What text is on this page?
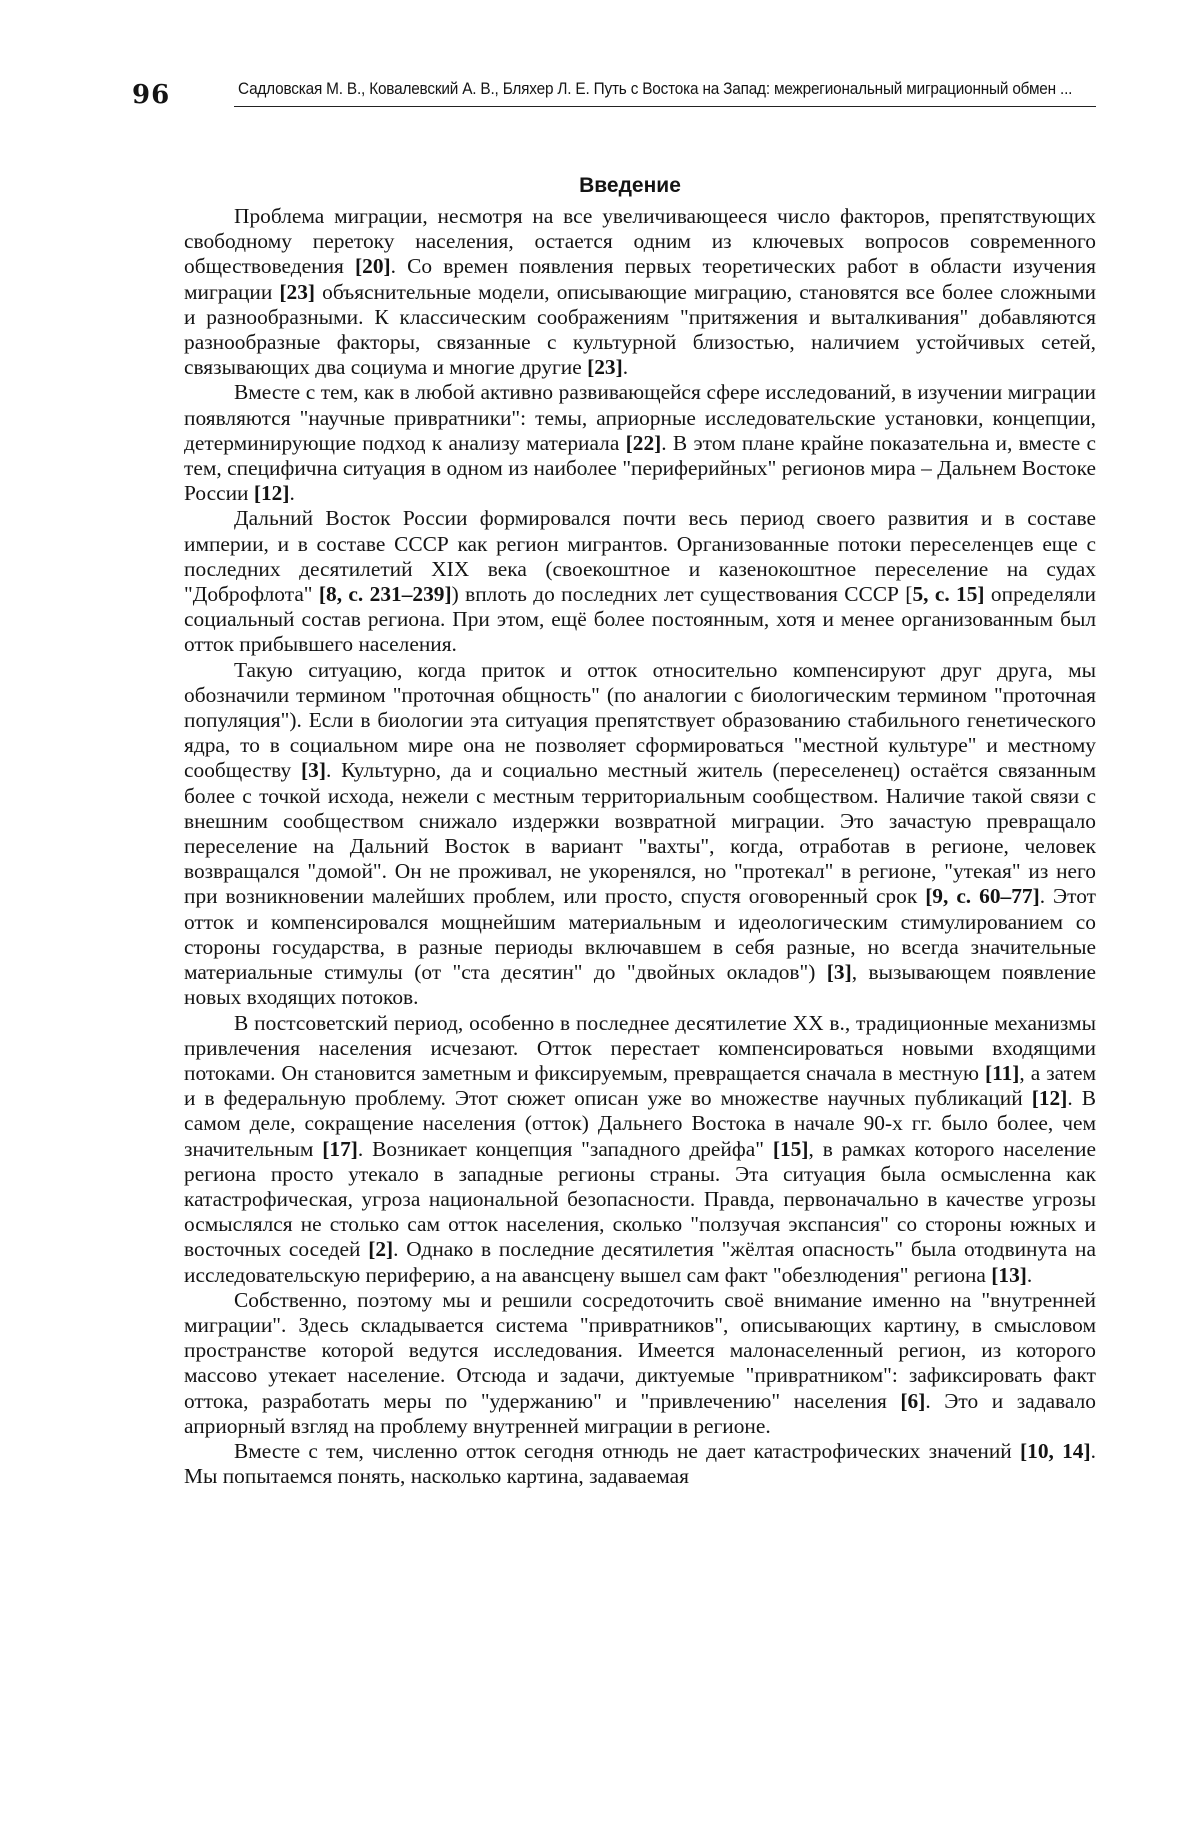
96	Садловская М. В., Ковалевский А. В., Бляхер Л. Е. Путь с Востока на Запад: межрегиональный миграционный обмен ...
Введение

Проблема миграции, несмотря на все увеличивающееся число факторов, препятствующих свободному перетоку населения, остается одним из ключевых вопросов современного обществоведения [20]. Со времен появления первых теоретических работ в области изучения миграции [23] объяснительные модели, описывающие миграцию, становятся все более сложными и разнообразными. К классическим соображениям "притяжения и выталкивания" добавляются разнообразные факторы, связанные с культурной близостью, наличием устойчивых сетей, связывающих два социума и многие другие [23].

Вместе с тем, как в любой активно развивающейся сфере исследований, в изучении миграции появляются "научные привратники": темы, априорные исследовательские установки, концепции, детерминирующие подход к анализу материала [22]. В этом плане крайне показательна и, вместе с тем, специфична ситуация в одном из наиболее "периферийных" регионов мира – Дальнем Востоке России [12].

Дальний Восток России формировался почти весь период своего развития и в составе империи, и в составе СССР как регион мигрантов. Организованные потоки переселенцев еще с последних десятилетий XIX века (своекоштное и казенокоштное переселение на судах "Доброфлота" [8, с. 231–239]) вплоть до последних лет существования СССР [5, с. 15] определяли социальный состав региона. При этом, ещё более постоянным, хотя и менее организованным был отток прибывшего населения.

Такую ситуацию, когда приток и отток относительно компенсируют друг друга, мы обозначили термином "проточная общность" (по аналогии с биологическим термином "проточная популяция"). Если в биологии эта ситуация препятствует образованию стабильного генетического ядра, то в социальном мире она не позволяет сформироваться "местной культуре" и местному сообществу [3]. Культурно, да и социально местный житель (переселенец) остаётся связанным более с точкой исхода, нежели с местным территориальным сообществом. Наличие такой связи с внешним сообществом снижало издержки возвратной миграции. Это зачастую превращало переселение на Дальний Восток в вариант "вахты", когда, отработав в регионе, человек возвращался "домой". Он не проживал, не укоренялся, но "протекал" в регионе, "утекая" из него при возникновении малейших проблем, или просто, спустя оговоренный срок [9, с. 60–77]. Этот отток и компенсировался мощнейшим материальным и идеологическим стимулированием со стороны государства, в разные периоды включавшем в себя разные, но всегда значительные материальные стимулы (от "ста десятин" до "двойных окладов") [3], вызывающем появление новых входящих потоков.

В постсоветский период, особенно в последнее десятилетие XX в., традиционные механизмы привлечения населения исчезают. Отток перестает компенсироваться новыми входящими потоками. Он становится заметным и фиксируемым, превращается сначала в местную [11], а затем и в федеральную проблему. Этот сюжет описан уже во множестве научных публикаций [12]. В самом деле, сокращение населения (отток) Дальнего Востока в начале 90-х гг. было более, чем значительным [17]. Возникает концепция "западного дрейфа" [15], в рамках которого население региона просто утекало в западные регионы страны. Эта ситуация была осмысленна как катастрофическая, угроза национальной безопасности. Правда, первоначально в качестве угрозы осмыслялся не столько сам отток населения, сколько "ползучая экспансия" со стороны южных и восточных соседей [2]. Однако в последние десятилетия "жёлтая опасность" была отодвинута на исследовательскую периферию, а на авансцену вышел сам факт "обезлюдения" региона [13].

Собственно, поэтому мы и решили сосредоточить своё внимание именно на "внутренней миграции". Здесь складывается система "привратников", описывающих картину, в смысловом пространстве которой ведутся исследования. Имеется малонаселенный регион, из которого массово утекает население. Отсюда и задачи, диктуемые "привратником": зафиксировать факт оттока, разработать меры по "удержанию" и "привлечению" населения [6]. Это и задавало априорный взгляд на проблему внутренней миграции в регионе.

Вместе с тем, численно отток сегодня отнюдь не дает катастрофических значений [10, 14]. Мы попытаемся понять, насколько картина, задаваемая
